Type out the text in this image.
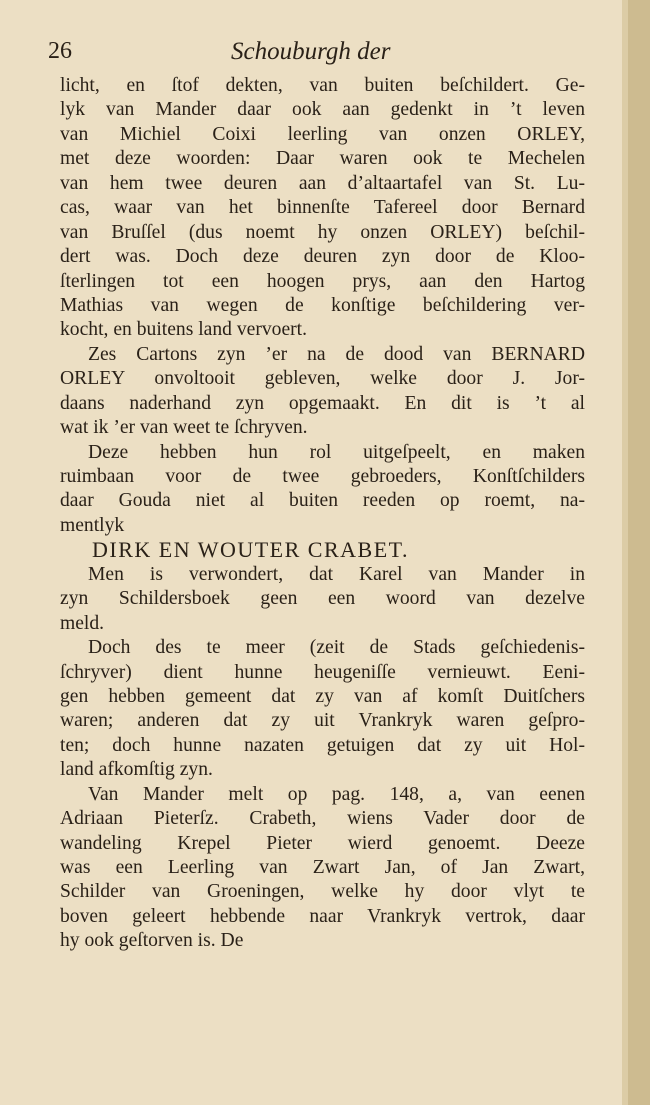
26	Schouburgh der
licht, en ſtof dekten, van buiten beſchildert. Ge-
lyk van Mander daar ook aan gedenkt in ’t leven
van Michiel Coixi leerling van onzen ORLEY,
met deze woorden: Daar waren ook te Mechelen
van hem twee deuren aan d’altaartafel van St. Lu-
cas, waar van het binnenſte Tafereel door Bernard
van Bruſſel (dus noemt hy onzen ORLEY) beſchil-
dert was. Doch deze deuren zyn door de Kloo-
ſterlingen tot een hoogen prys, aan den Hartog
Mathias van wegen de konſtige beſchildering ver-
kocht, en buitens land vervoert.
Zes Cartons zyn ’er na de dood van BERNARD
ORLEY onvoltooit gebleven, welke door J. Jor-
daans naderhand zyn opgemaakt. En dit is ’t al
wat ik ’er van weet te ſchryven.
Deze hebben hun rol uitgeſpeelt, en maken
ruimbaan voor de twee gebroeders, Konſtſchilders
daar Gouda niet al buiten reeden op roemt, na-
mentlyk
DIRK EN WOUTER CRABET.
Men is verwondert, dat Karel van Mander in
zyn Schildersboek geen een woord van dezelve
meld.
Doch des te meer (zeit de Stads geſchiedenis-
ſchryver) dient hunne heugeniſſe vernieuwt. Eeni-
gen hebben gemeent dat zy van af komſt Duitſchers
waren; anderen dat zy uit Vrankryk waren geſpro-
ten; doch hunne nazaten getuigen dat zy uit Hol-
land afkomſtig zyn.
Van Mander melt op pag. 148, a, van eenen
Adriaan Pieterſz. Crabeth, wiens Vader door de
wandeling Krepel Pieter wierd genoemt. Deeze
was een Leerling van Zwart Jan, of Jan Zwart,
Schilder van Groeningen, welke hy door vlyt te
boven geleert hebbende naar Vrankryk vertrok, daar
hy ook geſtorven is. De
